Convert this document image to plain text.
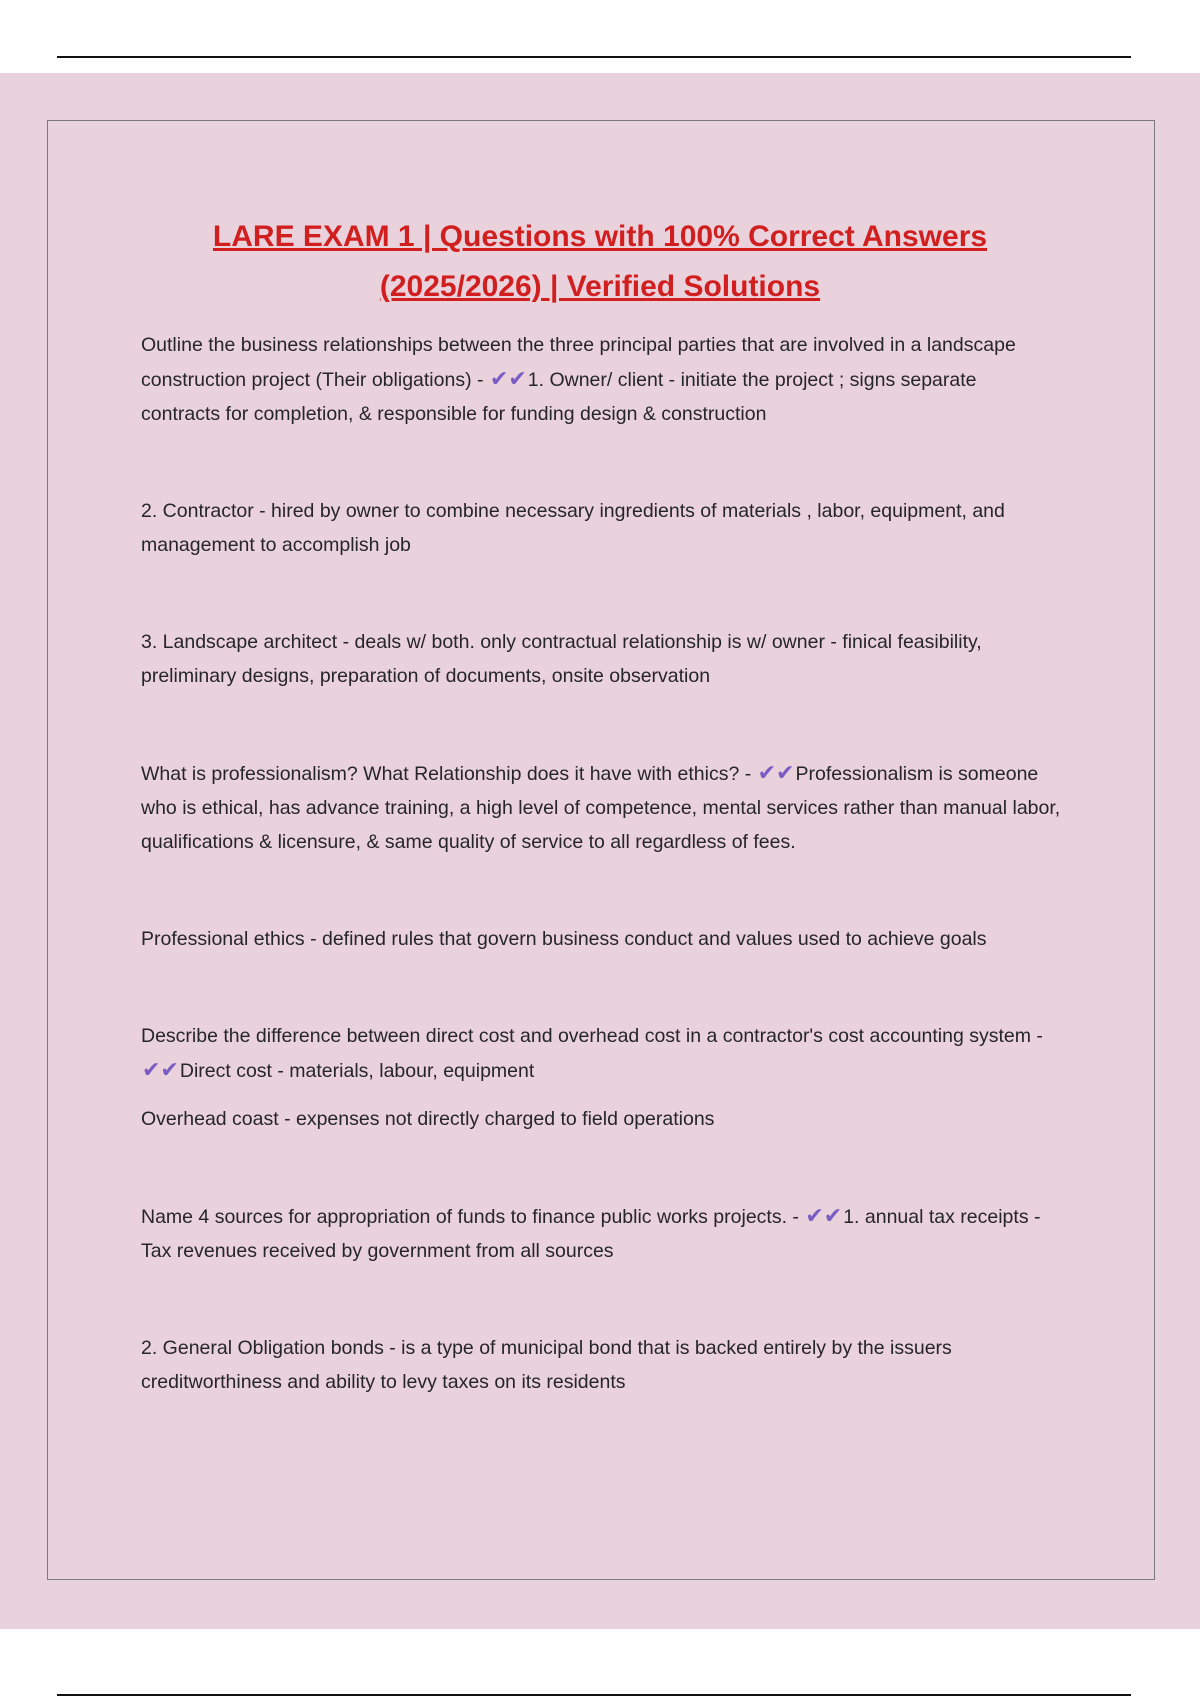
LARE EXAM 1 | Questions with 100% Correct Answers
(2025/2026) | Verified Solutions

Outline the business relationships between the three principal parties that are involved in a landscape construction project (Their obligations) - ✔✔1. Owner/ client - initiate the project ; signs separate contracts for completion, & responsible for funding design & construction

2. Contractor - hired by owner to combine necessary ingredients of materials , labor, equipment, and management to accomplish job

3. Landscape architect - deals w/ both. only contractual relationship is w/ owner - finical feasibility, preliminary designs, preparation of documents, onsite observation

What is professionalism? What Relationship does it have with ethics? - ✔✔Professionalism is someone who is ethical, has advance training, a high level of competence, mental services rather than manual labor, qualifications & licensure, & same quality of service to all regardless of fees.

Professional ethics - defined rules that govern business conduct and values used to achieve goals

Describe the difference between direct cost and overhead cost in a contractor's cost accounting system - ✔✔Direct cost - materials, labour, equipment

Overhead coast - expenses not directly charged to field operations

Name 4 sources for appropriation of funds to finance public works projects. - ✔✔1. annual tax receipts - Tax revenues received by government from all sources

2. General Obligation bonds - is a type of municipal bond that is backed entirely by the issuers creditworthiness and ability to levy taxes on its residents
